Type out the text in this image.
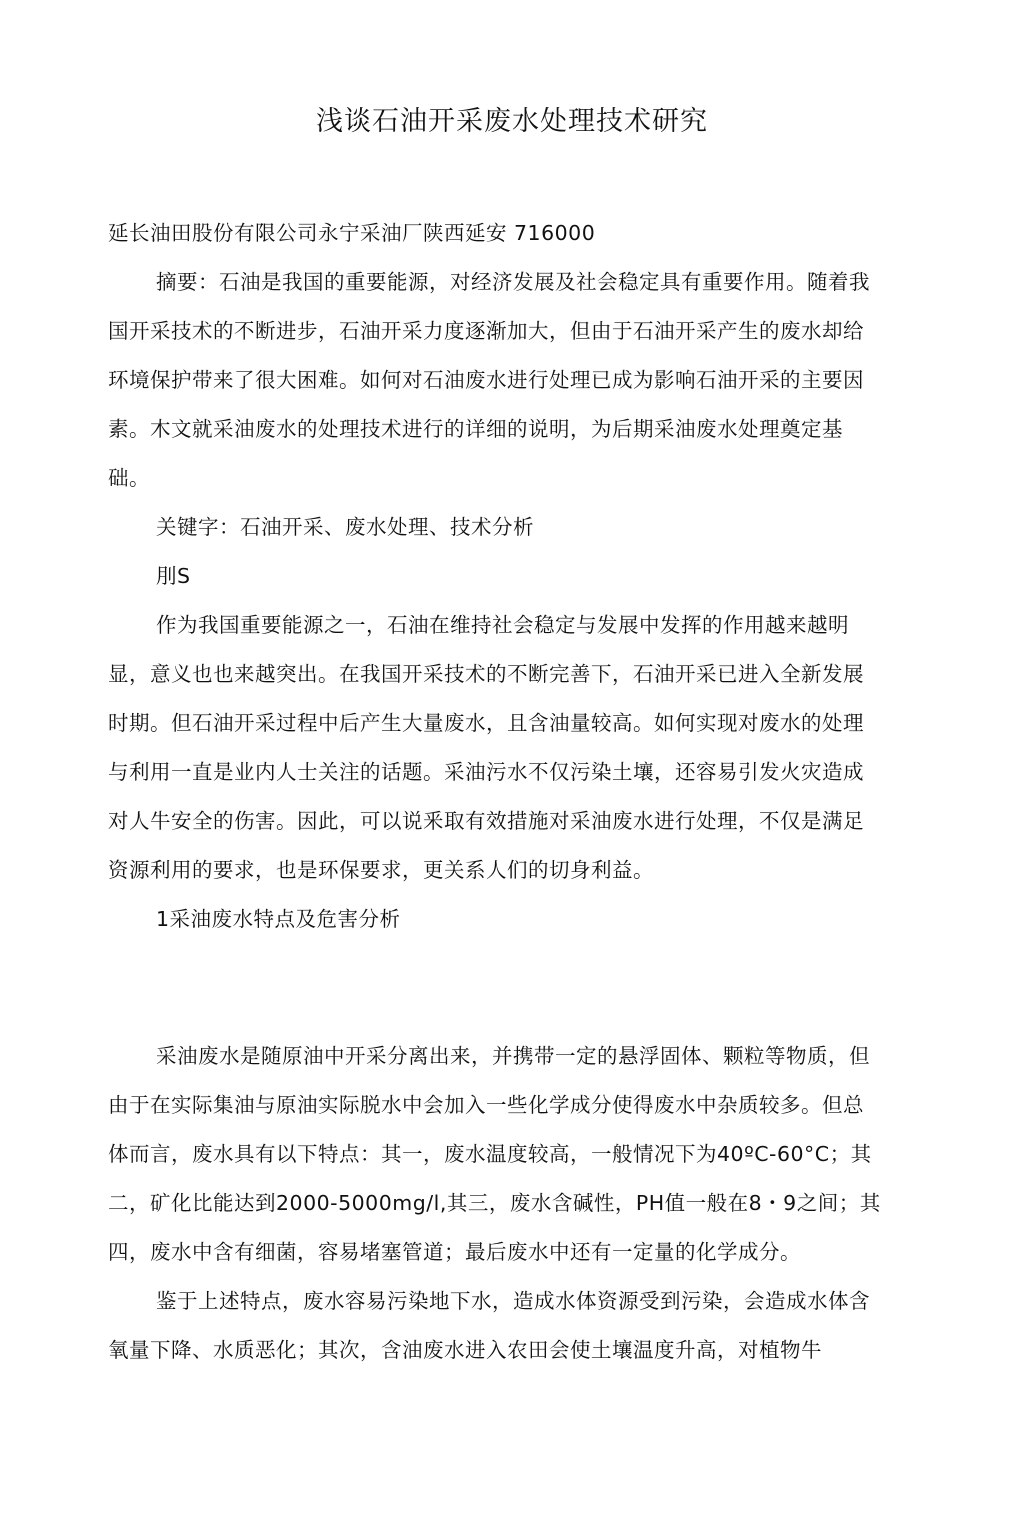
浅谈石油开采废水处理技术研究

延长油田股份有限公司永宁采油厂陕西延安 716000

摘要：石油是我国的重要能源，对经济发展及社会稳定具有重要作用。随着我国开采技术的不断进步，石油开采力度逐渐加大，但由于石油开采产生的废水却给环境保护带来了很大困难。如何对石油废水进行处理已成为影响石油开采的主要因素。木文就采油废水的处理技术进行的详细的说明，为后期采油废水处理奠定基础。

关键字：石油开采、废水处理、技术分析

刖S

作为我国重要能源之一，石油在维持社会稳定与发展中发挥的作用越来越明显，意义也也来越突出。在我国开采技术的不断完善下，石油开采已进入全新发展时期。但石油开采过程中后产生大量废水，且含油量较高。如何实现对废水的处理与利用一直是业内人士关注的话题。采油污水不仅污染土壤，还容易引发火灾造成对人牛安全的伤害。因此，可以说釆取有效措施对采油废水进行处理，不仅是满足资源利用的要求，也是环保要求，更关系人们的切身利益。

1采油废水特点及危害分析

采油废水是随原油中开采分离出来，并携带一定的悬浮固体、颗粒等物质，但由于在实际集油与原油实际脱水中会加入一些化学成分使得废水中杂质较多。但总体而言，废水具有以下特点：其一，废水温度较高，一般情况下为40ºC-60°C；其二，矿化比能达到2000-5000mg/l,其三，废水含碱性，PH值一般在8・9之间；其四，废水中含有细菌，容易堵塞管道；最后废水中还有一定量的化学成分。

鉴于上述特点，废水容易污染地下水，造成水体资源受到污染，会造成水体含氧量下降、水质恶化；其次，含油废水进入农田会使土壤温度升高，对植物牛
